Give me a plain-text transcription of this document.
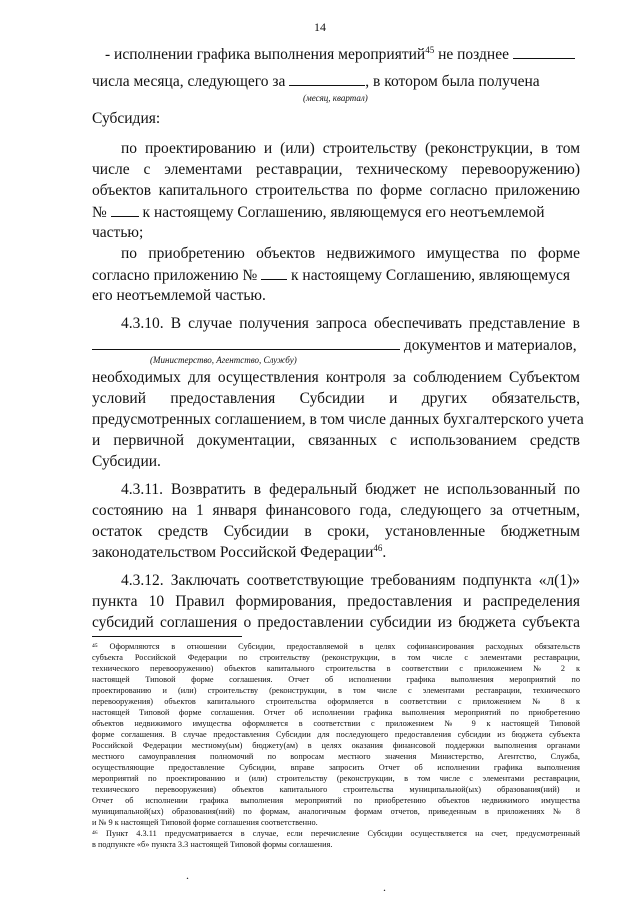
14
- исполнении графика выполнения мероприятий$^{45}$ не позднее
числа месяца, следующего за	, в котором была получена
(месяц, квартал)
Субсидия:
по проектированию и (или) строительству (реконструкции, в том
числе с элементами реставрации, техническому перевооружению)
объектов капитального строительства по форме согласно приложению
№  к настоящему Соглашению, являющемуся его неотъемлемой
частью;
по приобретению объектов недвижимого имущества по форме
согласно приложению №  к настоящему Соглашению, являющемуся
его неотъемлемой частью.
4.3.10. В случае получения запроса обеспечивать представление в
документов и материалов,
(Министерство, Агентство, Службу)
необходимых для осуществления контроля за соблюдением Субъектом
условий предоставления Субсидии и других обязательств,
предусмотренных соглашением, в том числе данных бухгалтерского учета
и первичной документации, связанных с использованием средств
Субсидии.
4.3.11. Возвратить в федеральный бюджет не использованный по
состоянию на 1 января финансового года, следующего за отчетным,
остаток средств Субсидии в сроки, установленные бюджетным
законодательством Российской Федерации$^{46}$.
4.3.12. Заключать соответствующие требованиям подпункта «л(1)»
пункта 10 Правил формирования, предоставления и распределения
субсидий соглашения о предоставлении субсидии из бюджета субъекта
⁴⁵ Оформляются в отношении Субсидии, предоставляемой в целях софинансирования расходных обязательств
субъекта Российской Федерации по строительству (реконструкции, в том числе с элементами реставрации,
технического перевооружению) объектов капитального строительства в соответствии с приложением № 2 к
настоящей Типовой форме соглашения. Отчет об исполнении графика выполнения мероприятий по
проектированию и (или) строительству (реконструкции, в том числе с элементами реставрации, технического
перевооружения) объектов капитального строительства оформляется в соответствии с приложением № 8 к
настоящей Типовой форме соглашения. Отчет об исполнении графика выполнения мероприятий по приобретению
объектов недвижимого имущества оформляется в соответствии с приложением № 9 к настоящей Типовой
форме соглашения. В случае предоставления Субсидии для последующего предоставления субсидии из бюджета субъекта
Российской Федерации местному(ым) бюджету(ам) в целях оказания финансовой поддержки выполнения органами
местного самоуправления полномочий по вопросам местного значения Министерство, Агентство, Служба,
осуществляющие предоставление Субсидии, вправе запросить Отчет об исполнении графика выполнения
мероприятий по проектированию и (или) строительству (реконструкции, в том числе с элементами реставрации,
технического перевооружения) объектов капитального строительства муниципальной(ых) образования(ний) и
Отчет об исполнении графика выполнения мероприятий по приобретению объектов недвижимого имущества
муниципальной(ых) образования(ний) по формам, аналогичным формам отчетов, приведенным в приложениях № 8
и № 9 к настоящей Типовой форме соглашения соответственно.
⁴⁶ Пункт 4.3.11 предусматривается в случае, если перечисление Субсидии осуществляется на счет, предусмотренный
в подпункте «б» пункта 3.3 настоящей Типовой формы соглашения.
.
.
